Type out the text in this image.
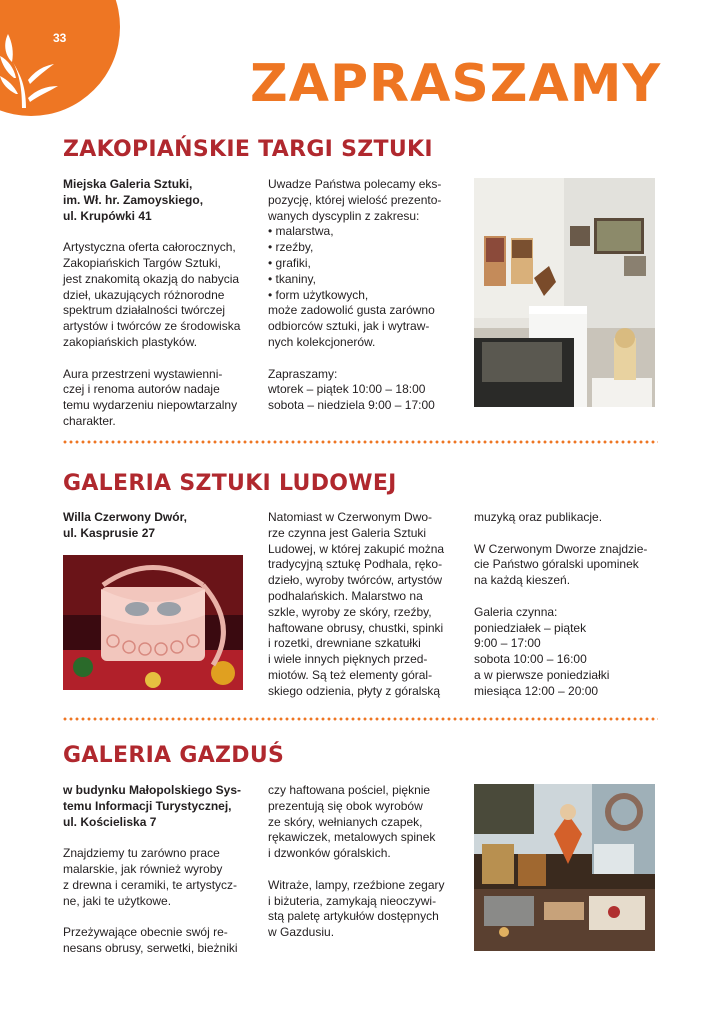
33
ZAPRASZAMY
ZAKOPIAŃSKIE TARGI SZTUKI

Miejska Galeria Sztuki,
im. Wł. hr. Zamoyskiego,
ul. Krupówki 41

Artystyczna oferta całorocznych,
Zakopiańskich Targów Sztuki,
jest znakomitą okazją do nabycia
dzieł, ukazujących różnorodne
spektrum działalności twórczej
artystów i twórców ze środowiska
zakopiańskich plastyków.

Aura przestrzeni wystawienni-
czej i renoma autorów nadaje
temu wydarzeniu niepowtarzalny
charakter.

Uwadze Państwa polecamy eks-
pozycję, której wielość prezento-
wanych dyscyplin z zakresu:
• malarstwa,
• rzeźby,
• grafiki,
• tkaniny,
• form użytkowych,
może zadowolić gusta zarówno
odbiorców sztuki, jak i wytraw-
nych kolekcjonerów.

Zapraszamy:
wtorek – piątek 10:00 – 18:00
sobota – niedziela 9:00 – 17:00

GALERIA SZTUKI LUDOWEJ

Willa Czerwony Dwór,
ul. Kasprusie 27

Natomiast w Czerwonym Dwo-
rze czynna jest Galeria Sztuki
Ludowej, w której zakupić można
tradycyjną sztukę Podhala, ręko-
dzieło, wyroby twórców, artystów
podhalańskich. Malarstwo na
szkle, wyroby ze skóry, rzeźby,
haftowane obrusy, chustki, spinki
i rozetki, drewniane szkatułki
i wiele innych pięknych przed-
miotów. Są też elementy góral-
skiego odzienia, płyty z góralską

muzyką oraz publikacje.

W Czerwonym Dworze znajdzie-
cie Państwo góralski upominek
na każdą kieszeń.

Galeria czynna:
poniedziałek – piątek
9:00 – 17:00
sobota 10:00 – 16:00
a w pierwsze poniedziałki
miesiąca 12:00 – 20:00

GALERIA GAZDUŚ

w budynku Małopolskiego Sys-
temu Informacji Turystycznej,
ul. Kościeliska 7

Znajdziemy tu zarówno prace
malarskie, jak również wyroby
z drewna i ceramiki, te artystycz-
ne, jaki te użytkowe.

Przeżywające obecnie swój re-
nesans obrusy, serwetki, bieżniki

czy haftowana pościel, pięknie
prezentują się obok wyrobów
ze skóry, wełnianych czapek,
rękawiczek, metalowych spinek
i dzwonków góralskich.

Witraże, lampy, rzeźbione zegary
i biżuteria, zamykają nieoczywi-
stą paletę artykułów dostępnych
w Gazdusiu.
